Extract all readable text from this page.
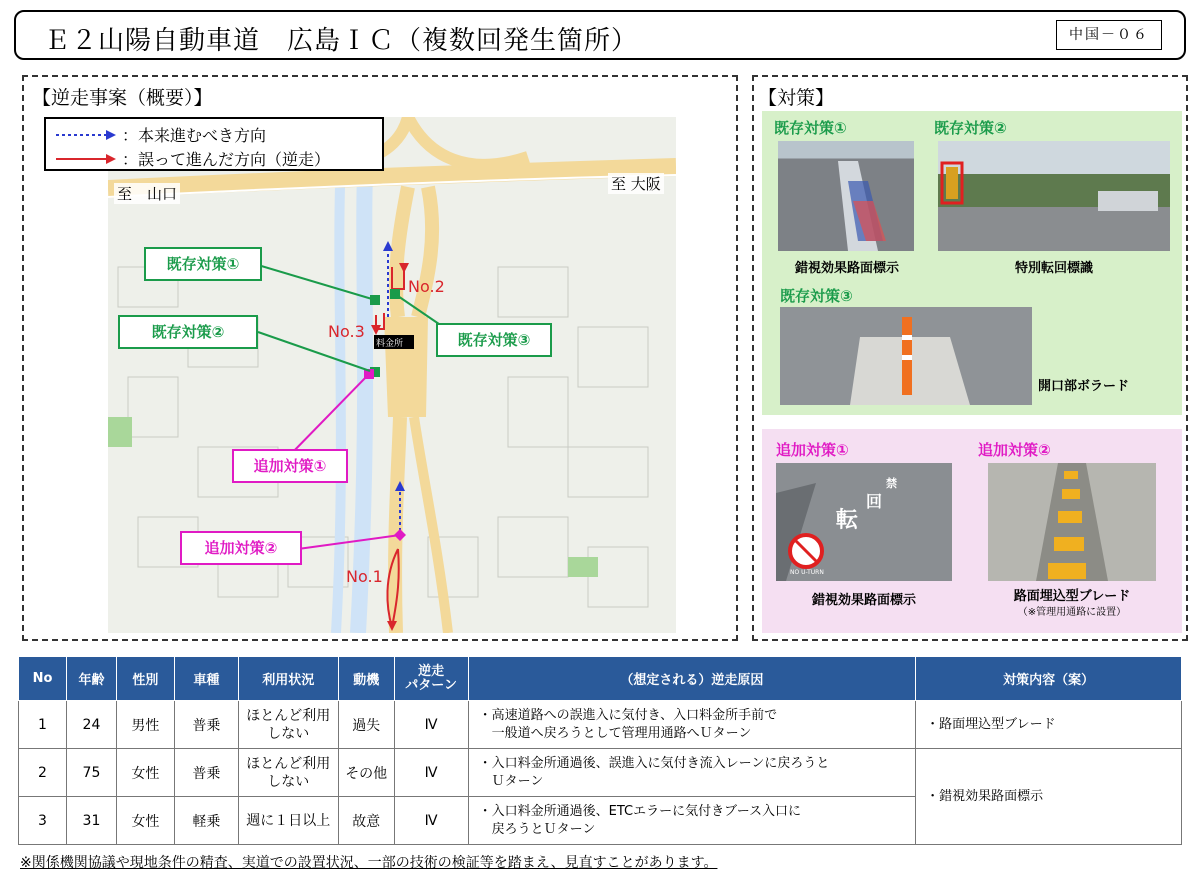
Ｅ２山陽自動車道　広島ＩＣ（複数回発生箇所）	中国－０６
【逆走事案（概要）】
至　山口
至 大阪
料金所
No.2
No.3
No.1
：本来進むべき方向
：誤って進んだ方向（逆走）
既存対策①
既存対策②	既存対策③
追加対策①
追加対策②
【対策】
既存対策①
錯視効果路面標示
既存対策②
特別転回標識
既存対策③
開口部ボラード
追加対策①
転
回
禁
NO U-TURN
錯視効果路面標示
追加対策②
路面埋込型ブレード
（※管理用通路に設置）
No	年齢	性別	車種	利用状況	動機	逆走
パターン	（想定される）逆走原因	対策内容（案）
1	24	男性	普乗	ほとんど利用
しない	過失	Ⅳ	・高速道路への誤進入に気付き、入口料金所手前で
　一般道へ戻ろうとして管理用通路へＵターン	・路面埋込型ブレード
2	75	女性	普乗	ほとんど利用
しない	その他	Ⅳ	・入口料金所通過後、誤進入に気付き流入レーンに戻ろうと
　Ｕターン	・錯視効果路面標示
3	31	女性	軽乗	週に１日以上	故意	Ⅳ	・入口料金所通過後、ETCエラーに気付きブース入口に
　戻ろうとＵターン	
※関係機関協議や現地条件の精査、実道での設置状況、一部の技術の検証等を踏まえ、見直すことがあります。
